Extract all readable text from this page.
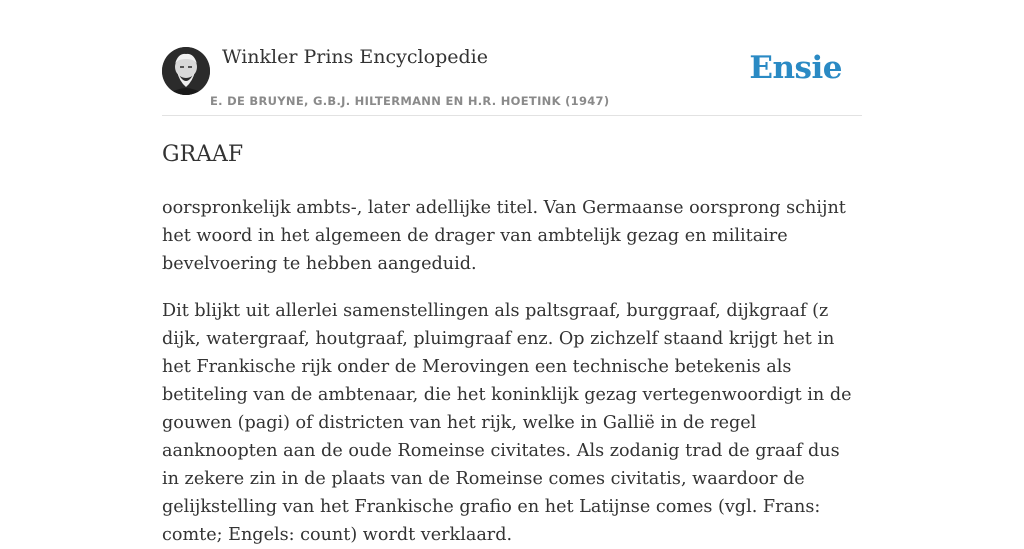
Winkler Prins Encyclopedie
E. DE BRUYNE, G.B.J. HILTERMANN EN H.R. HOETINK (1947)
Ensie
GRAAF

oorspronkelijk ambts-, later adellijke titel. Van Germaanse oorsprong schijnt het woord in het algemeen de drager van ambtelijk gezag en militaire bevelvoering te hebben aangeduid.

Dit blijkt uit allerlei samenstellingen als paltsgraaf, burggraaf, dijkgraaf (z dijk, watergraaf, houtgraaf, pluimgraaf enz. Op zichzelf staand krijgt het in het Frankische rijk onder de Merovingen een technische betekenis als betiteling van de ambtenaar, die het koninklijk gezag vertegenwoordigt in de gouwen (pagi) of districten van het rijk, welke in Gallië in de regel aanknoopten aan de oude Romeinse civitates. Als zodanig trad de graaf dus in zekere zin in de plaats van de Romeinse comes civitatis, waardoor de gelijkstelling van het Frankische grafio en het Latijnse comes (vgl. Frans: comte; Engels: count) wordt verklaard.
